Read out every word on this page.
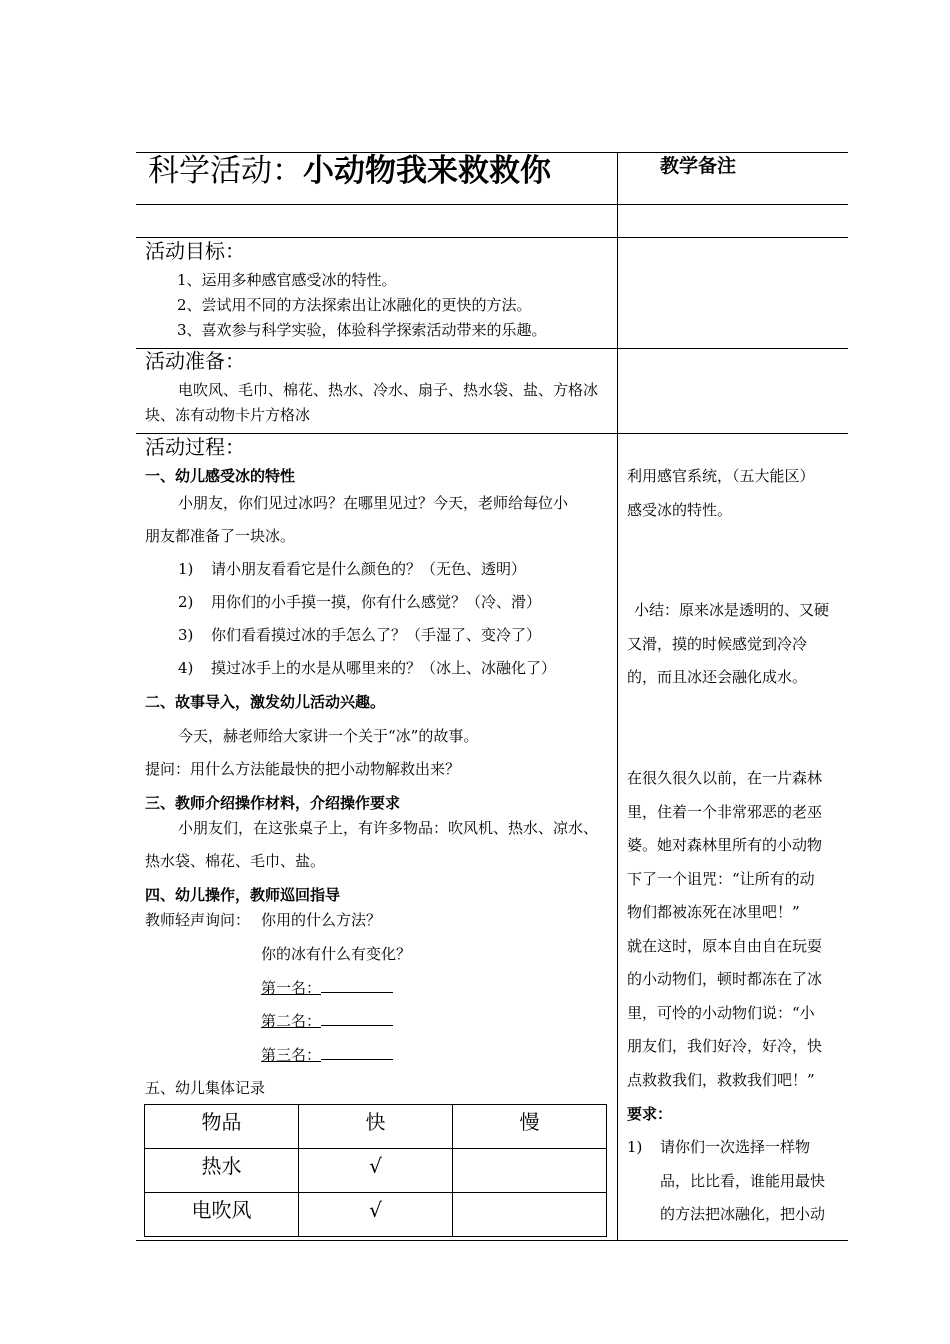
科学活动：小动物我来救救你	教学备注
活动目标：
1、运用多种感官感受冰的特性。
2、尝试用不同的方法探索出让冰融化的更快的方法。
3、喜欢参与科学实验，体验科学探索活动带来的乐趣。
活动准备：
电吹风、毛巾、棉花、热水、冷水、扇子、热水袋、盐、方格冰
块、冻有动物卡片方格冰
活动过程：
一、幼儿感受冰的特性
小朋友，你们见过冰吗？在哪里见过？今天，老师给每位小
朋友都准备了一块冰。
1) 请小朋友看看它是什么颜色的？（无色、透明）
2) 用你们的小手摸一摸，你有什么感觉？（冷、滑）
3) 你们看看摸过冰的手怎么了？（手湿了、变冷了）
4) 摸过冰手上的水是从哪里来的？（冰上、冰融化了）
二、故事导入，激发幼儿活动兴趣。
今天，赫老师给大家讲一个关于“冰”的故事。
提问：用什么方法能最快的把小动物解救出来？
三、教师介绍操作材料，介绍操作要求
小朋友们，在这张桌子上，有许多物品：吹风机、热水、凉水、
热水袋、棉花、毛巾、盐。
四、幼儿操作，教师巡回指导
教师轻声询问： 你用的什么方法？
你的冰有什么有变化？
第一名：
第二名：
第三名：
五、幼儿集体记录
物品	快	慢
热水	√	
电吹风	√	
利用感官系统，（五大能区）
感受冰的特性。
小结：原来冰是透明的、又硬
又滑，摸的时候感觉到冷冷
的，而且冰还会融化成水。
在很久很久以前，在一片森林
里，住着一个非常邪恶的老巫
婆。她对森林里所有的小动物
下了一个诅咒：“让所有的动
物们都被冻死在冰里吧！”
就在这时，原本自由自在玩耍
的小动物们，顿时都冻在了冰
里，可怜的小动物们说：“小
朋友们，我们好冷，好冷，快
点救救我们，救救我们吧！”
要求：
1) 请你们一次选择一样物
品，比比看，谁能用最快
的方法把冰融化，把小动
